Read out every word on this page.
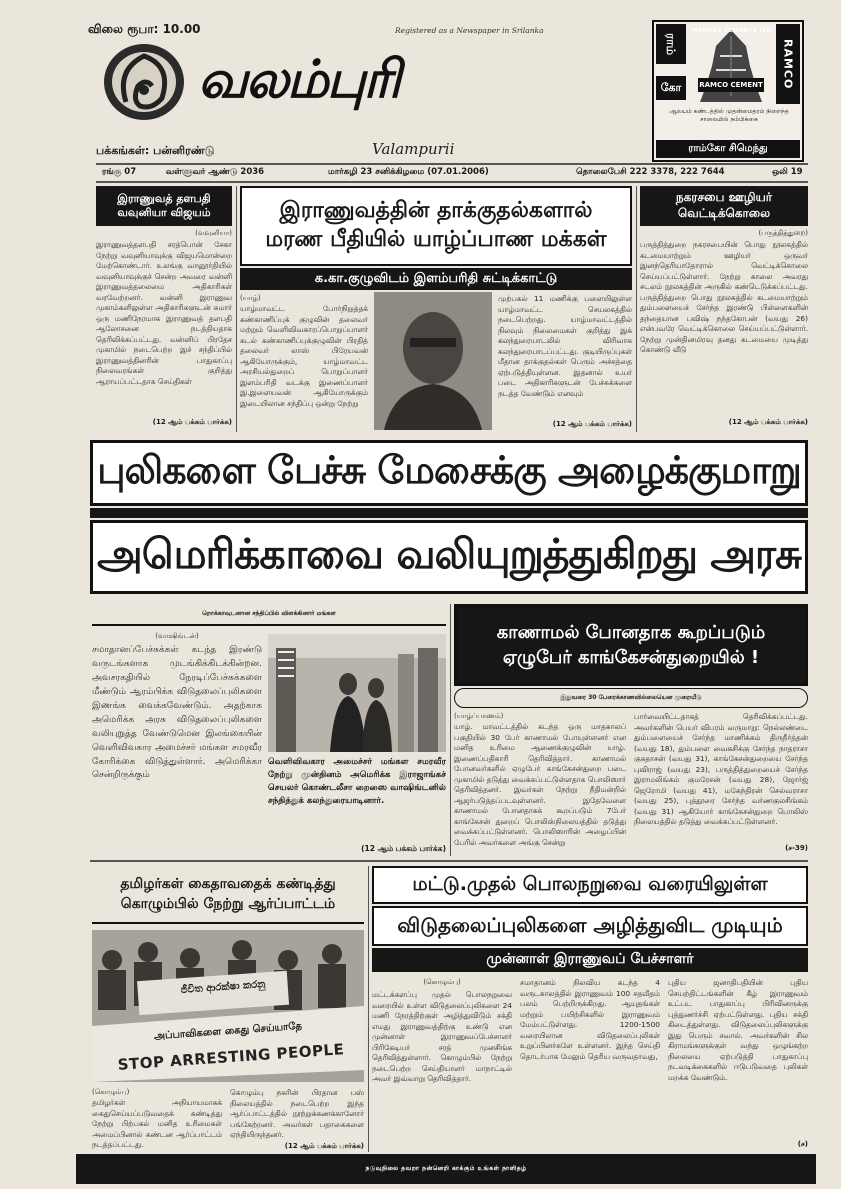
விலை ரூபா: 10.00	Registered as a Newspaper in Srilanka
வலம்புரி
Valampurii
பக்கங்கள்: பன்னிரண்டு
ராம்
கோ	RAMCO
MADRAS CEMENTS LTD
RAMCO CEMENT
ஆலயம் கண்டத்தில் முதன்மைதரம் நிறைந்த சாலையில் நம்பிக்கை
ராம்கோ சிமெந்து
ரங்கு 07	வள்ளுவர் ஆண்டு 2036	மார்கழி 23 சனிக்கிழமை (07.01.2006)	தொலைபேசி 222 3378, 222 7644	ஒலி 19
இராணுவத் தளபதி வவுனியா விஜயம்
(வவுனியா)
இராணுவத்தளபதி சரத்பொன் சேகா நேற்று வவுனியாவுக்கு விஜயமொன்றை மேற்கொண்டார். உலங்கு வானூர்தியில் வவுனியாவுக்குச் சென்ற அவரை வன்னி இராணுவத்தலைமை அதிகாரிகள் வரவேற்றனர். வன்னி இராணுவ முகாம்களிலுள்ள அதிகாரிகளுடன் சுமார் ஒரு மணிநேரமாக இராணுவத் தளபதி ஆலோசனை நடத்தியதாக தெரிவிக்கப்பட்டது. வன்னிப் பிரதேச முகாமில் நடைபெற்ற இச் சந்திப்பில் இராணுவத்தினரின் பாதுகாப்பு நிலைவரங்கள் குறித்து ஆராயப்பட்டதாக செய்திகள்
(12 ஆம் பக்கம் பார்க்க)
இராணுவத்தின் தாக்குதல்களால்
மரண பீதியில் யாழ்ப்பாண மக்கள்
க.கா.குழுவிடம் இளம்பரிதி சுட்டிக்காட்டு
(யாழ்)
யாழ்மாவட்ட போர்நிறுத்தக் கண்காணிப்புக் குழுவின் தலைவர் மற்றும் வெளிவிவகாரப்பொறுப்பாளர் கடல் கண்காணிப்புக்குழுவின் பிரதித் தலைவர் லாஸ் பிரேயவன் ஆகியோருக்கும், யாழ்மாவட்ட அரசியல்துறைப் பொறுப்பாளர் இளம்பரிதி வடக்கு இணைப்பாளர் இ.இளையவன் ஆகியோருக்கும் இடையிலான சந்திப்பு ஒன்று நேற்று
முற்பகல் 11 மணிக்கு பளையிலுள்ள யாழ்மாவட்ட செயலகத்தில் நடைபெற்றது. யாழ்மாவட்டத்தில் நிலவும் நிலைமைகள் குறித்து இக் கலந்துரையாடலில் விரிவாக கலந்துரையாடப்பட்டது. குடியிருப்புகள் மீதான தாக்குதல்கள் பெரும் அச்சத்தை ஏற்படுத்தியுள்ளன. இதனால் உயர் படை அதிகாரிகளுடன் பேச்சுக்களை நடத்த வேண்டும் எனவும்
(12 ஆம் பக்கம் பார்க்க)
நகரசபை ஊழியர் வெட்டிக்கொலை
(பருத்தித்துறை)
பருத்தித்துறை நகரசபையின் பொது நூலகத்தில் கடமையாற்றும் ஊழியர் ஒருவர் இனந்தெரியாதோரால் வெட்டிக்கொலை செய்யப்பட்டுள்ளார். நேற்று காலை அவரது சடலம் நூலகத்தின் அருகில் கண்டெடுக்கப்பட்டது. பருத்தித்துறை பொது நூலகத்தில் கடமையாற்றும் தும்பளையைச் சேர்ந்த இரண்டு பிள்ளைகளின் தந்தையான பவிஷ் நந்தகோபன் (வயது 26) என்பவரே வெட்டிக்கொலை செய்யப்பட்டுள்ளார். நேற்று முன்தினமிரவு தனது கடமையை முடித்து கொண்டு வீடு
(12 ஆம் பக்கம் பார்க்க)
புலிகளை பேச்சு மேசைக்கு அழைக்குமாறு
அமெரிக்காவை வலியுறுத்துகிறது அரசு
றொக்காவுடனான சந்திப்பில் விளக்கினார் மங்கள
(வாஷிங்டன்)
சமாதானப்பேச்சுக்கள் கடந்த இரண்டு வருடங்களாக முடங்கிக்கிடக்கின்றன. அவசரகதியில் நேரடிப்பேச்சுக்களை மீண்டும் ஆரம்பிக்க விடுதலைப்புலிகளை இணங்க வைக்கவேண்டும். அதற்காக அமெரிக்க அரசு விடுதலைப்புலிகளை வலியுறுத்த வேண்டுமென இலங்கையின் வெளிவிவகார அமைச்சர் மங்கள சமரவீர கோரிக்கை விடுத்துள்ளார். அமெரிக்கா சென்றிருக்கும்
வெளிவிவகார அமைச்சர் மங்கள சமரவீர நேற்று முன்தினம் அமெரிக்க இராஜாங்கச் செயலர் கொண்டலீசா றைஸை வாஷிங்டனில் சந்தித்துக் கலந்துரையாடினார்.
(12 ஆம் பக்கம் பார்க்க)
காணாமல் போனதாக கூறப்படும்
ஏழுபேர் காங்கேசன்துறையில் !
இதுவரை 30 பேரைக்காணவில்லையென முறையீடு
(யாழ்ப்பாணம்)
யாழ். மாவட்டத்தில் கடந்த ஒரு மாதகாலப் பகுதியில் 30 பேர் காணாமல் போயுள்ளனர் என மனித உரிமை ஆணைக்குழுவின் யாழ். இணைப்பதிகாரி தெரிவித்தார். காணாமல் போனவர்களில் ஏழுபேர் காங்கேசன்துறை படை முகாமில் தடுத்து வைக்கப்பட்டுள்ளதாக பொலிஸார் தெரிவித்தனர். இவர்கள் நேற்று நீதிமன்றில் ஆஜர்படுத்தப்படவுள்ளனர். இதேவேளை காணாமல் போனதாகக் கூறப்படும் 7பேர் காங்கேசன் துறைப் பொலிஸ்நிலையத்தில் தடுத்து வைக்கப்பட்டுள்ளனர். பொலிஸாரின் அழைப்பின் பேரில் அவர்களை அங்கு சென்று
பார்வையிட்டதாகத் தெரிவிக்கப்பட்டது. அவர்களின் பெயர் விபரம் வருமாறு: நெல்லண்டை தும்பளையைச் சேர்ந்த மாணிக்கம் திருநீர்த்தன் (வயது 18), தும்பளை வைகசிக்கு சேர்ந்த நாதராசா குகதாசன் (வயது 31), காங்கேசன்துறையை சேர்ந்த புவிராஜ் (வயது 23), பருத்தித்துறையைச் சேர்ந்த இராமலிங்கம் குமரேசன் (வயது 28), ஜோர்ஜ் ஜெரோமி (வயது 41), மகேந்திரன் செல்வராசா (வயது 25), புத்தூரை சேர்ந்த வர்ணகுலசிங்கம் (வயது 31) ஆகியோர் காங்கேசன்துறை பொலிஸ் நிலையத்தில் தடுத்து வைக்கப்பட்டுள்ளனர்.
(ச-39)
தமிழர்கள் கைதாவதைக் கண்டித்து
கொழும்பில் நேற்று ஆர்ப்பாட்டம்
ජීවිත ආරක්ෂා කරනු
அப்பாவிகளை கைது செய்யாதே
STOP ARRESTING PEOPLE
(கொழும்பு)
தமிழர்கள் அநியாயமாகக் கைதுசெய்யப்படுவதைக் கண்டித்து நேற்று பிற்பகல் மனித உரிமைகள் அமைப்பினால் கண்டன ஆர்ப்பாட்டம் நடத்தப்பட்டது.
கொழும்பு நகரின் பிரதான பஸ் நிலையத்தில் நடைபெற்ற இந்த ஆர்ப்பாட்டத்தில் நூற்றுக்கணக்கானோர் பங்கேற்றனர். அவர்கள் பதாகைகளை ஏந்தியிருந்தனர்.
(12 ஆம் பக்கம் பார்க்க)
மட்டு.முதல் பொலநறுவை வரையிலுள்ள
விடுதலைப்புலிகளை அழித்துவிட முடியும்
முன்னாள் இராணுவப் பேச்சாளர்
(கொழும்பு)
மட்டக்களப்பு முதல் பொலநறுவை வரையில் உள்ள விடுதலைப்புலிகளை 24 மணி நேரத்திற்குள் அழித்துவிடும் சக்தி எமது இராணுவத்திற்கு உண்டு என முன்னாள் இராணுவப்பேச்சாளர் பிரிகேடியர் சரத் முனசிங்க தெரிவித்துள்ளார். கொழும்பில் நேற்று நடைபெற்ற செய்தியாளர் மாநாட்டில் அவர் இவ்வாறு தெரிவித்தார்.
சமாதானம் நிலவிய கடந்த 4 வருடகாலத்தில் இராணுவம் 100 சதவீதம் பலம் பெற்றிருக்கிறது. ஆயுதங்கள் மற்றும் பயிற்சிகளில் இராணுவம் மேம்பட்டுள்ளது. 1200-1500 வரையிலான விடுதலைப்புலிகள் உறுப்பினர்களே உள்ளனர். இந்த செய்தி தொடர்பாக மேலும் தெரிய வருவதாவது,
புதிய ஜனாதிபதியின் புதிய செயற்திட்டங்களின் கீழ் இராணுவம் உட்பட பாதுகாப்பு பிரிவினருக்கு புத்துணர்ச்சி ஏற்பட்டுள்ளது. புதிய சக்தி கிடைத்துள்ளது. விடுதலைப்புலிகளுக்கு இது பெரும் சவால். அவர்களின் சில கிராமங்களுக்குள் வந்து ஒழுங்கற்ற நிலையை ஏற்படுத்தி பாதுகாப்பு நடவடிக்கைகளில் ஈடுபடுவதை புலிகள் மறக்க வேண்டும்.
(ச)
நடுவுநிலை தவறா நன்னெறி காக்கும் உங்கள் நாளிதழ்
